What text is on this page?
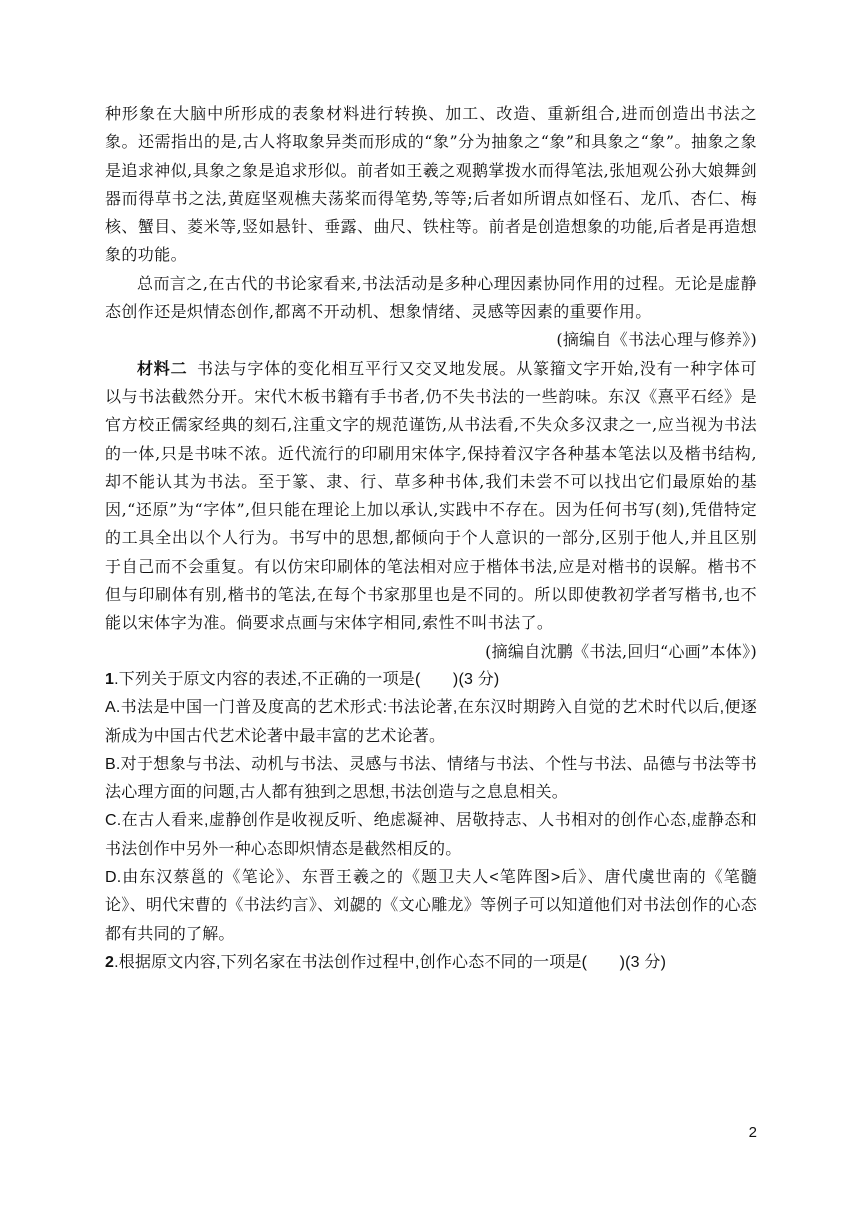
种形象在大脑中所形成的表象材料进行转换、加工、改造、重新组合,进而创造出书法之象。还需指出的是,古人将取象异类而形成的“象”分为抽象之“象”和具象之“象”。抽象之象是追求神似,具象之象是追求形似。前者如王羲之观鹅掌拨水而得笔法,张旭观公孙大娘舞剑器而得草书之法,黄庭坚观樵夫荡桨而得笔势,等等;后者如所谓点如怪石、龙爪、杏仁、梅核、蟹目、菱米等,竖如悬针、垂露、曲尺、铁柱等。前者是创造想象的功能,后者是再造想象的功能。

总而言之,在古代的书论家看来,书法活动是多种心理因素协同作用的过程。无论是虚静态创作还是炽情态创作,都离不开动机、想象情绪、灵感等因素的重要作用。

(摘编自《书法心理与修养》)

材料二 书法与字体的变化相互平行又交叉地发展。从篆籀文字开始,没有一种字体可以与书法截然分开。宋代木板书籍有手书者,仍不失书法的一些韵味。东汉《熹平石经》是官方校正儒家经典的刻石,注重文字的规范谨饬,从书法看,不失众多汉隶之一,应当视为书法的一体,只是书味不浓。近代流行的印刷用宋体字,保持着汉字各种基本笔法以及楷书结构,却不能认其为书法。至于篆、隶、行、草多种书体,我们未尝不可以找出它们最原始的基因,“还原”为“字体”,但只能在理论上加以承认,实践中不存在。因为任何书写(刻),凭借特定的工具全出以个人行为。书写中的思想,都倾向于个人意识的一部分,区别于他人,并且区别于自己而不会重复。有以仿宋印刷体的笔法相对应于楷体书法,应是对楷书的误解。楷书不但与印刷体有别,楷书的笔法,在每个书家那里也是不同的。所以即使教初学者写楷书,也不能以宋体字为准。倘要求点画与宋体字相同,索性不叫书法了。

(摘编自沈鹏《书法,回归“心画”本体》)

1.下列关于原文内容的表述,不正确的一项是(　　)(3 分)

A.书法是中国一门普及度高的艺术形式:书法论著,在东汉时期跨入自觉的艺术时代以后,便逐渐成为中国古代艺术论著中最丰富的艺术论著。

B.对于想象与书法、动机与书法、灵感与书法、情绪与书法、个性与书法、品德与书法等书法心理方面的问题,古人都有独到之思想,书法创造与之息息相关。

C.在古人看来,虚静创作是收视反听、绝虑凝神、居敬持志、人书相对的创作心态,虚静态和书法创作中另外一种心态即炽情态是截然相反的。

D.由东汉蔡邕的《笔论》、东晋王羲之的《题卫夫人<笔阵图>后》、唐代虞世南的《笔髓论》、明代宋曹的《书法约言》、刘勰的《文心雕龙》等例子可以知道他们对书法创作的心态都有共同的了解。

2.根据原文内容,下列名家在书法创作过程中,创作心态不同的一项是(　　)(3 分)

2
